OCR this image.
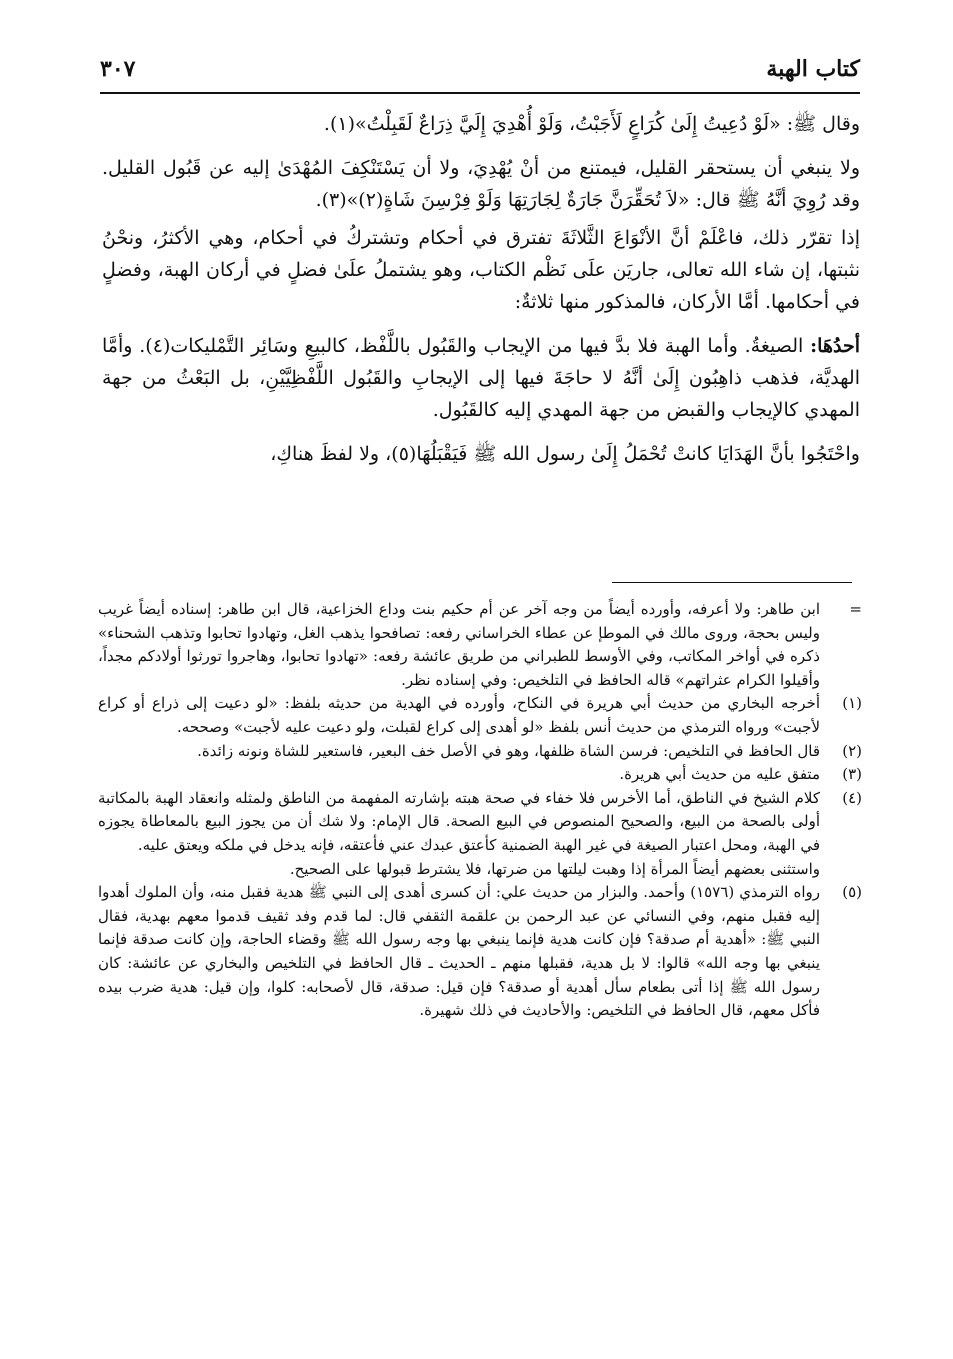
كتاب الهبة
٣٠٧

وقال ﷺ: «لَوْ دُعِيتُ إِلَىٰ كُرَاعٍ لَأَجَبْتُ، وَلَوْ أُهْدِيَ إِلَيَّ ذِرَاعٌ لَقَبِلْتُ»(١).

ولا ينبغي أن يستحقر القليل، فيمتنع من أنْ يُهْدِيَ، ولا أن يَسْتَنْكِفَ المُهْدَىٰ إليه عن قَبُول القليل. وقد رُوِيَ أنَّهُ ﷺ قال: «لاَ تُحَقِّرَنَّ جَارَةٌ لِجَارَتِهَا وَلَوْ فِرْسِنَ شَاةٍ(٢)»(٣).

إذا تقرّر ذلك، فاعْلَمْ أنَّ الأنْوَاعَ الثَّلاثَةَ تفترق في أحكام وتشتركُ في أحكام، وهي الأكثرُ، ونحْنُ نثبتها، إن شاء الله تعالى، جاريَن علَى نَظْم الكتاب، وهو يشتملُ علَىٰ فضلٍ في أركان الهبة، وفضلٍ في أحكامها. أمَّا الأركان، فالمذكور منها ثلاثةٌ:

أحدُهَا: الصيغةُ. وأما الهبة فلا بدَّ فيها من الإيجاب والقَبُول باللَّفْظ، كالبيعِ وسَائِر التَّمْليكات(٤). وأمَّا الهديَّة، فذهب ذاهِبُون إِلَىٰ أنَّهُ لا حاجَةَ فيها إلى الإيجابِ والقَبُول اللَّفْظِيَّيْنِ، بل البَعْثُ من جهة المهدي كالإيجاب والقبض من جهة المهدي إليه كالقَبُول.

واحْتَجُوا بأنَّ الهَدَايَا كانتْ تُحْمَلُ إِلَىٰ رسول الله ﷺ فَيَقْبَلُهَا(٥)، ولا لفظَ هناكِ،

=
ابن طاهر: ولا أعرفه، وأورده أيضاً من وجه آخر عن أم حكيم بنت وداع الخزاعية، قال ابن طاهر: إسناده أيضاً غريب وليس بحجة، وروى مالك في الموطإ عن عطاء الخراساني رفعه: تصافحوا يذهب الغل، وتهادوا تحابوا وتذهب الشحناء» ذكره في أواخر المكاتب، وفي الأوسط للطبراني من طريق عائشة رفعه: «تهادوا تحابوا، وهاجروا تورثوا أولادكم مجداً، وأقيلوا الكرام عثراتهم» قاله الحافظ في التلخيص: وفي إسناده نظر.

(١)
أخرجه البخاري من حديث أبي هريرة في النكاح، وأورده في الهدية من حديثه بلفظ: «لو دعيت إلى ذراع أو كراع لأجبت» ورواه الترمذي من حديث أنس بلفظ «لو أهدى إلى كراع لقبلت، ولو دعيت عليه لأجبت» وصححه.

(٢)
قال الحافظ في التلخيص: فرسن الشاة ظلفها، وهو في الأصل خف البعير، فاستعير للشاة ونونه زائدة.

(٣)
متفق عليه من حديث أبي هريرة.

(٤)
كلام الشيخ في الناطق، أما الأخرس فلا خفاء في صحة هبته بإشارته المفهمة من الناطق ولمثله وانعقاد الهبة بالمكاتبة أولى بالصحة من البيع، والصحيح المنصوص في البيع الصحة. قال الإمام: ولا شك أن من يجوز البيع بالمعاطاة يجوزه في الهبة، ومحل اعتبار الصيغة في غير الهبة الضمنية كأعتق عبدك عني فأعتقه، فإنه يدخل في ملكه ويعتق عليه.

واستثنى بعضهم أيضاً المرأة إذا وهبت ليلتها من ضرتها، فلا يشترط قبولها على الصحيح.

(٥)
رواه الترمذي (١٥٧٦) وأحمد. والبزار من حديث علي: أن كسرى أهدى إلى النبي ﷺ هدية فقبل منه، وأن الملوك أهدوا إليه فقبل منهم، وفي النسائي عن عبد الرحمن بن علقمة الثقفي قال: لما قدم وفد ثقيف قدموا معهم بهدية، فقال النبي ﷺ: «أهدية أم صدقة؟ فإن كانت هدية فإنما ينبغي بها وجه رسول الله ﷺ وقضاء الحاجة، وإن كانت صدقة فإنما ينبغي بها وجه الله» قالوا: لا بل هدية، فقبلها منهم ـ الحديث ـ قال الحافظ في التلخيص والبخاري عن عائشة: كان رسول الله ﷺ إذا أتى بطعام سأل أهدية أو صدقة؟ فإن قيل: صدقة، قال لأصحابه: كلوا، وإن قيل: هدية ضرب بيده فأكل معهم، قال الحافظ في التلخيص: والأحاديث في ذلك شهيرة.
